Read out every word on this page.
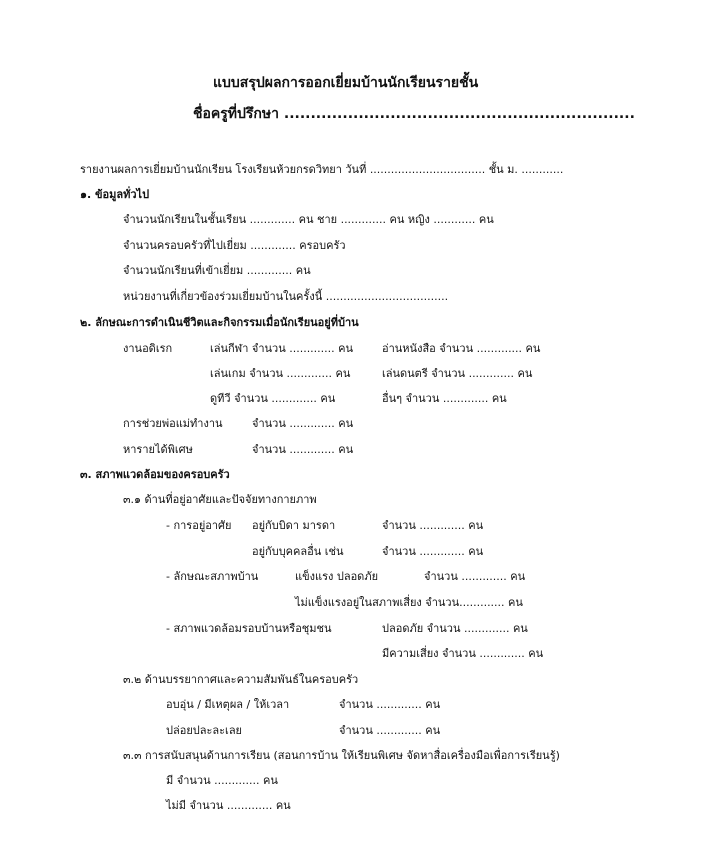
แบบสรุปผลการออกเยี่ยมบ้านนักเรียนรายชั้น
ชื่อครูที่ปรึกษา ..................................................................
รายงานผลการเยี่ยมบ้านนักเรียน โรงเรียนห้วยกรดวิทยา วันที่ ................................. ชั้น ม. ............
๑. ข้อมูลทั่วไป
จำนวนนักเรียนในชั้นเรียน ............. คน ชาย ............. คน หญิง ............ คน
จำนวนครอบครัวที่ไปเยี่ยม ............. ครอบครัว
จำนวนนักเรียนที่เข้าเยี่ยม ............. คน
หน่วยงานที่เกี่ยวข้องร่วมเยี่ยมบ้านในครั้งนี้ ...................................
๒. ลักษณะการดำเนินชีวิตและกิจกรรมเมื่อนักเรียนอยู่ที่บ้าน
งานอดิเรก	เล่นกีฬา จำนวน ............. คน	อ่านหนังสือ จำนวน ............. คน
เล่นเกม จำนวน ............. คน	เล่นดนตรี จำนวน ............. คน
ดูทีวี จำนวน ............. คน	อื่นๆ จำนวน ............. คน
การช่วยพ่อแม่ทำงาน	จำนวน ............. คน
หารายได้พิเศษ	จำนวน ............. คน
๓. สภาพแวดล้อมของครอบครัว
๓.๑ ด้านที่อยู่อาศัยและปัจจัยทางกายภาพ
- การอยู่อาศัย อยู่กับบิดา มารดา	จำนวน ............. คน
อยู่กับบุคคลอื่น เช่น	จำนวน ............. คน
- ลักษณะสภาพบ้าน	แข็งแรง ปลอดภัย	จำนวน ............. คน
ไม่แข็งแรงอยู่ในสภาพเสี่ยง จำนวน............. คน
- สภาพแวดล้อมรอบบ้านหรือชุมชน	ปลอดภัย จำนวน ............. คน
มีความเสี่ยง จำนวน ............. คน
๓.๒ ด้านบรรยากาศและความสัมพันธ์ในครอบครัว
อบอุ่น / มีเหตุผล / ให้เวลา	จำนวน ............. คน
ปล่อยปละละเลย	จำนวน ............. คน
๓.๓ การสนับสนุนด้านการเรียน (สอนการบ้าน ให้เรียนพิเศษ จัดหาสื่อเครื่องมือเพื่อการเรียนรู้)
มี จำนวน ............. คน
ไม่มี จำนวน ............. คน
